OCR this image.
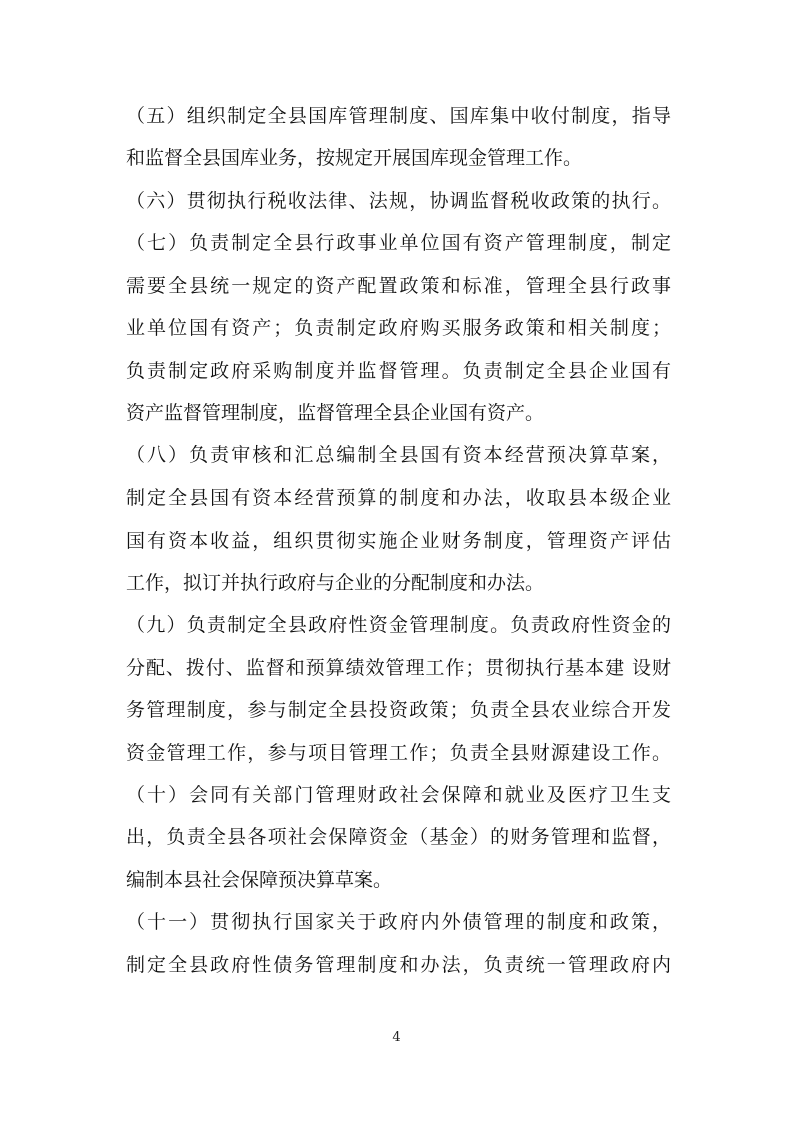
（五）组织制定全县国库管理制度、国库集中收付制度，指导
和监督全县国库业务，按规定开展国库现金管理工作。
（六）贯彻执行税收法律、法规，协调监督税收政策的执行。
（七）负责制定全县行政事业单位国有资产管理制度，制定
需要全县统一规定的资产配置政策和标准，管理全县行政事
业单位国有资产；负责制定政府购买服务政策和相关制度；
负责制定政府采购制度并监督管理。负责制定全县企业国有
资产监督管理制度，监督管理全县企业国有资产。
（八）负责审核和汇总编制全县国有资本经营预决算草案，
制定全县国有资本经营预算的制度和办法，收取县本级企业
国有资本收益，组织贯彻实施企业财务制度，管理资产评估
工作，拟订并执行政府与企业的分配制度和办法。
（九）负责制定全县政府性资金管理制度。负责政府性资金的
分配、拨付、监督和预算绩效管理工作；贯彻执行基本建 设财
务管理制度，参与制定全县投资政策；负责全县农业综合开发
资金管理工作，参与项目管理工作；负责全县财源建设工作。
（十）会同有关部门管理财政社会保障和就业及医疗卫生支
出，负责全县各项社会保障资金（基金）的财务管理和监督，
编制本县社会保障预决算草案。
（十一）贯彻执行国家关于政府内外债管理的制度和政策，
制定全县政府性债务管理制度和办法，负责统一管理政府内
4
